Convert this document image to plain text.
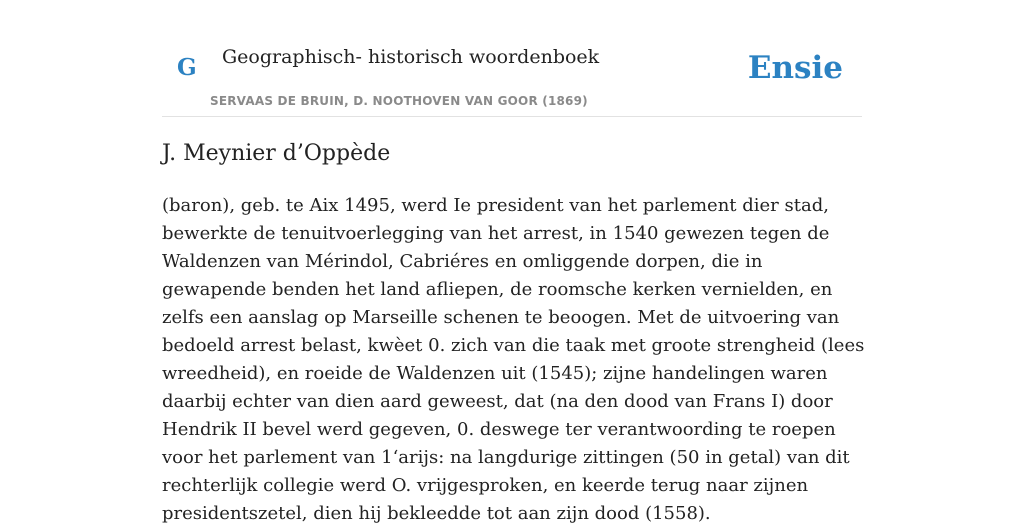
G Geographisch- historisch woordenboek
SERVAAS DE BRUIN, D. NOOTHOVEN VAN GOOR (1869)
Ensie
J. Meynier d’Oppède

(baron), geb. te Aix 1495, werd Ie president van het parlement dier stad, bewerkte de tenuitvoerlegging van het arrest, in 1540 gewezen tegen de Waldenzen van Mérindol, Cabriéres en omliggende dorpen, die in gewapende benden het land afliepen, de roomsche kerken vernielden, en zelfs een aanslag op Marseille schenen te beoogen. Met de uitvoering van bedoeld arrest belast, kwèet 0. zich van die taak met groote strengheid (lees wreedheid), en roeide de Waldenzen uit (1545); zijne handelingen waren daarbij echter van dien aard geweest, dat (na den dood van Frans I) door Hendrik II bevel werd gegeven, 0. deswege ter verantwoording te roepen voor het parlement van 1‘arijs: na langdurige zittingen (50 in getal) van dit rechterlijk collegie werd O. vrijgesproken, en keerde terug naar zijnen presidentszetel, dien hij bekleedde tot aan zijn dood (1558).
